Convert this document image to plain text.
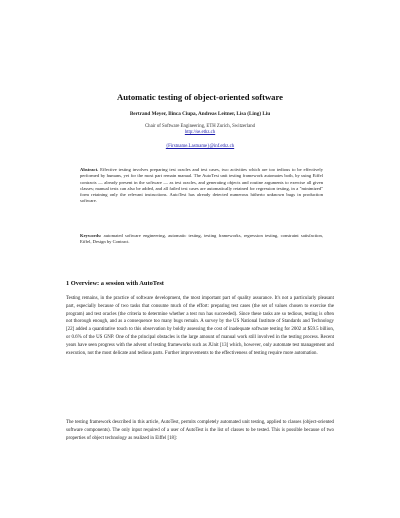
Automatic testing of object-oriented software
Bertrand Meyer, Ilinca Ciupa, Andreas Leitner, Lisa (Ling) Liu
Chair of Software Engineering, ETH Zurich, Switzerland
http://se.ethz.ch
{Firstname.Lastname}@inf.ethz.ch
Abstract. Effective testing involves preparing test oracles and test cases, two activities which are too tedious to be effectively performed by humans, yet for the most part remain manual. The AutoTest unit testing framework automates both, by using Eiffel contracts — already present in the software — as test oracles, and generating objects and routine arguments to exercise all given classes; manual tests can also be added, and all failed test cases are automatically retained for regression testing, in a "minimized" form retaining only the relevant instructions. AutoTest has already detected numerous hitherto unknown bugs in production software.
Keywords: automated software engineering, automatic testing, testing frameworks, regression testing, constraint satisfaction, Eiffel, Design by Contract.
1 Overview: a session with AutoTest
Testing remains, in the practice of software development, the most important part of quality assurance. It's not a particularly pleasant part, especially because of two tasks that consume much of the effort: preparing test cases (the set of values chosen to exercise the program) and test oracles (the criteria to determine whether a test run has succeeded). Since these tasks are so tedious, testing is often not thorough enough, and as a consequence too many bugs remain. A survey by the US National Institute of Standards and Technology [22] added a quantitative touch to this observation by boldly assessing the cost of inadequate software testing for 2002 at $59.5 billion, or 0.6% of the US GNP. One of the principal obstacles is the large amount of manual work still involved in the testing process. Recent years have seen progress with the advent of testing frameworks such as JUnit [13] which, however, only automate test management and execution, not the most delicate and tedious parts. Further improvements to the effectiveness of testing require more automation.
The testing framework described in this article, AutoTest, permits completely automated unit testing, applied to classes (object-oriented software components). The only input required of a user of AutoTest is the list of classes to be tested. This is possible because of two properties of object technology as realized in Eiffel [18]:
